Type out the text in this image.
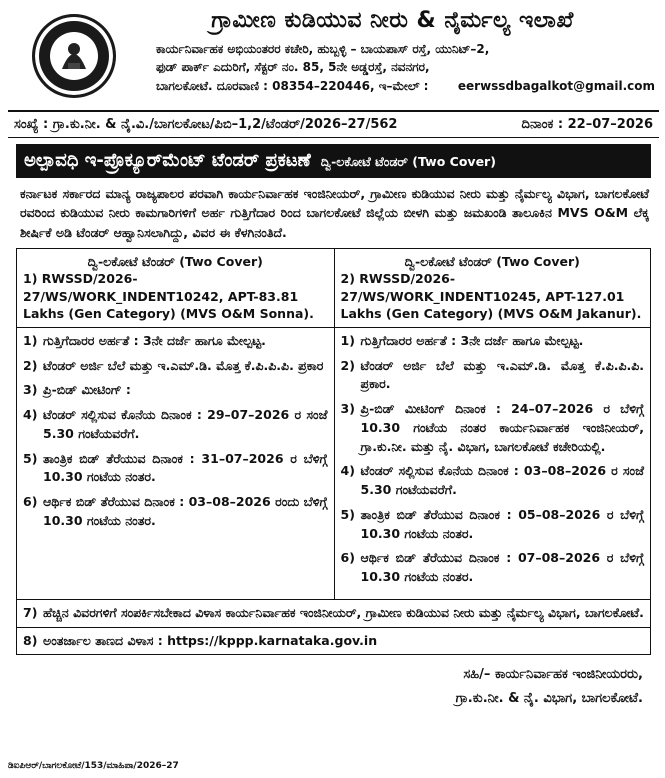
ಗ್ರಾಮೀಣ ಕುಡಿಯುವ ನೀರು & ನೈರ್ಮಲ್ಯ ಇಲಾಖೆ
ಕಾರ್ಯನಿರ್ವಾಹಕ ಅಭಿಯಂತರರ ಕಚೇರಿ, ಹುಬ್ಬಳ್ಳಿ – ಬಾಯಪಾಸ್ ರಸ್ತೆ, ಯುನಿಟ್–2,
ಫುಡ್ ಪಾರ್ಕ್ ಎದುರಿಗೆ, ಸೆಕ್ಟರ್ ನಂ. 85, 5ನೇ ಅಡ್ಡರಸ್ತೆ, ನವನಗರ,
ಬಾಗಲಕೋಟೆ. ದೂರವಾಣಿ : 08354–220446, ಇ–ಮೇಲ್ : eerwssdbagalkot@gmail.com
ಸಂಖ್ಯೆ : ಗ್ರಾ.ಕು.ನೀ. & ನೈ.ವಿ./ಬಾಗಲಕೋಟ/ಪಿಬಿ–1,2/ಟೆಂಡರ್/2026–27/562	ದಿನಾಂಕ : 22–07–2026
ಅಲ್ಪಾವಧಿ ಇ-ಪ್ರೊಕ್ಯೂರ್‌ಮೆಂಟ್ ಟೆಂಡರ್ ಪ್ರಕಟಣೆ ದ್ವಿ-ಲಕೋಟೆ ಟೆಂಡರ್ (Two Cover)
ಕರ್ನಾಟಕ ಸರ್ಕಾರದ ಮಾನ್ಯ ರಾಜ್ಯಪಾಲರ ಪರವಾಗಿ ಕಾರ್ಯನಿರ್ವಾಹಕ ಇಂಜಿನೀಯರ್, ಗ್ರಾಮೀಣ ಕುಡಿಯುವ ನೀರು ಮತ್ತು ನೈರ್ಮಲ್ಯ ವಿಭಾಗ, ಬಾಗಲಕೋಟೆ ರವರಿಂದ ಕುಡಿಯುವ ನೀರು ಕಾಮಗಾರಿಗಳಿಗೆ ಅರ್ಹ ಗುತ್ತಿಗೆದಾರ ರಿಂದ ಬಾಗಲಕೋಟೆ ಜಿಲ್ಲೆಯ ಬೀಳಗಿ ಮತ್ತು ಜಮಖಂಡಿ ತಾಲೂಕಿನ MVS O&M ಲೆಕ್ಕ ಶೀರ್ಷಿಕೆ ಅಡಿ ಟೆಂಡರ್ ಆಹ್ವಾನಿಸಲಾಗಿದ್ದು, ವಿವರ ಈ ಕೆಳಗಿನಂತಿದೆ.
ದ್ವಿ-ಲಕೋಟೆ ಟೆಂಡರ್ (Two Cover)
1) RWSSD/2026-27/WS/WORK_INDENT10242, APT-83.81 Lakhs (Gen Category) (MVS O&M Sonna).
1) ಗುತ್ತಿಗೆದಾರರ ಅರ್ಹತೆ : 3ನೇ ದರ್ಜೆ ಹಾಗೂ ಮೇಲ್ಪಟ್ಟ.
2) ಟೆಂಡರ್ ಅರ್ಜಿ ಬೆಲೆ ಮತ್ತು ಇ.ಎಮ್.ಡಿ. ಮೊತ್ತ ಕೆ.ಪಿ.ಪಿ.ಪಿ. ಪ್ರಕಾರ
3) ಪ್ರಿ-ಬಿಡ್ ಮೀಟಿಂಗ್ :
4) ಟೆಂಡರ್ ಸಲ್ಲಿಸುವ ಕೊನೆಯ ದಿನಾಂಕ : 29–07–2026 ರ ಸಂಜೆ 5.30 ಗಂಟೆಯವರೆಗೆ.
5) ತಾಂತ್ರಿಕ ಬಿಡ್ ತೆರೆಯುವ ದಿನಾಂಕ : 31–07–2026 ರ ಬೆಳಿಗ್ಗೆ 10.30 ಗಂಟೆಯ ನಂತರ.
6) ಆರ್ಥಿಕ ಬಿಡ್ ತೆರೆಯುವ ದಿನಾಂಕ : 03–08–2026 ರಂದು ಬೆಳಿಗ್ಗೆ 10.30 ಗಂಟೆಯ ನಂತರ.
ದ್ವಿ-ಲಕೋಟೆ ಟೆಂಡರ್ (Two Cover)
2) RWSSD/2026-27/WS/WORK_INDENT10245, APT-127.01 Lakhs (Gen Category) (MVS O&M Jakanur).
1) ಗುತ್ತಿಗೆದಾರರ ಅರ್ಹತೆ : 3ನೇ ದರ್ಜೆ ಹಾಗೂ ಮೇಲ್ಪಟ್ಟ.
2) ಟೆಂಡರ್ ಅರ್ಜಿ ಬೆಲೆ ಮತ್ತು ಇ.ಎಮ್.ಡಿ. ಮೊತ್ತ ಕೆ.ಪಿ.ಪಿ.ಪಿ. ಪ್ರಕಾರ.
3) ಪ್ರಿ-ಬಿಡ್ ಮೀಟಿಂಗ್ ದಿನಾಂಕ : 24–07–2026 ರ ಬೆಳಿಗ್ಗೆ 10.30 ಗಂಟೆಯ ನಂತರ ಕಾರ್ಯನಿರ್ವಾಹಕ ಇಂಜಿನೀಯರ್, ಗ್ರಾ.ಕು.ನೀ. ಮತ್ತು ನೈ. ವಿಭಾಗ, ಬಾಗಲಕೋಟೆ ಕಚೇರಿಯಲ್ಲಿ.
4) ಟೆಂಡರ್ ಸಲ್ಲಿಸುವ ಕೊನೆಯ ದಿನಾಂಕ : 03–08–2026 ರ ಸಂಜೆ 5.30 ಗಂಟೆಯವರೆಗೆ.
5) ತಾಂತ್ರಿಕ ಬಿಡ್ ತೆರೆಯುವ ದಿನಾಂಕ : 05–08–2026 ರ ಬೆಳಿಗ್ಗೆ 10.30 ಗಂಟೆಯ ನಂತರ.
6) ಆರ್ಥಿಕ ಬಿಡ್ ತೆರೆಯುವ ದಿನಾಂಕ : 07–08–2026 ರ ಬೆಳಿಗ್ಗೆ 10.30 ಗಂಟೆಯ ನಂತರ.
7) ಹೆಚ್ಚಿನ ವಿವರಗಳಿಗೆ ಸಂಪರ್ಕಿಸಬೇಕಾದ ವಿಳಾಸ ಕಾರ್ಯನಿರ್ವಾಹಕ ಇಂಜಿನೀಯರ್, ಗ್ರಾಮೀಣ ಕುಡಿಯುವ ನೀರು ಮತ್ತು ನೈರ್ಮಲ್ಯ ವಿಭಾಗ, ಬಾಗಲಕೋಟೆ.
8) ಅಂತರ್ಜಾಲ ತಾಣದ ವಿಳಾಸ : https://kppp.karnataka.gov.in
ಸಹಿ/– ಕಾರ್ಯನಿರ್ವಾಹಕ ಇಂಜಿನೀಯರರು,
ಗ್ರಾ.ಕು.ನೀ. & ನೈ. ವಿಭಾಗ, ಬಾಗಲಕೋಟೆ.
ಡಿಐಪಿಆರ್/ಬಾಗಲಕೋಟೆ/153/ಮಾಹಿಪಾ/2026–27
